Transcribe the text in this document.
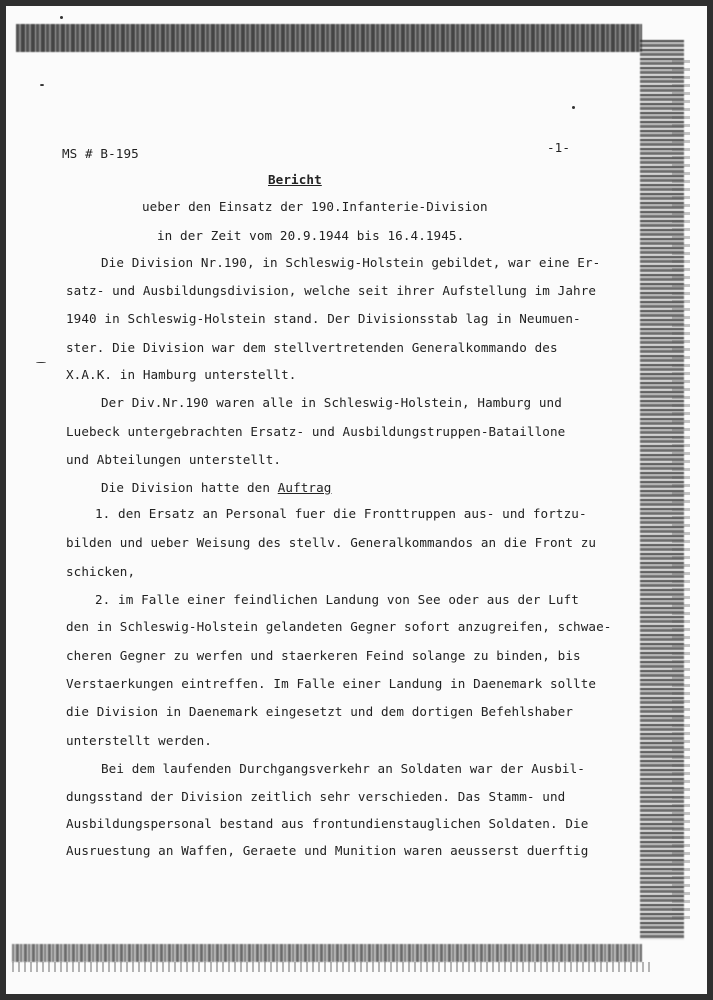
MS # B-195	-1-

Bericht

ueber den Einsatz der 190.Infanterie-Division

in der Zeit vom 20.9.1944 bis 16.4.1945.

Die Division Nr.190, in Schleswig-Holstein gebildet, war eine Er-

satz- und Ausbildungsdivision, welche seit ihrer Aufstellung im Jahre

1940 in Schleswig-Holstein stand. Der Divisionsstab lag in Neumuen-

ster. Die Division war dem stellvertretenden Generalkommando des

X.A.K. in Hamburg unterstellt.

Der Div.Nr.190 waren alle in Schleswig-Holstein, Hamburg und

Luebeck untergebrachten Ersatz- und Ausbildungstruppen-Bataillone

und Abteilungen unterstellt.

Die Division hatte den Auftrag

1. den Ersatz an Personal fuer die Fronttruppen aus- und fortzu-

bilden und ueber Weisung des stellv. Generalkommandos an die Front zu

schicken,

2. im Falle einer feindlichen Landung von See oder aus der Luft

den in Schleswig-Holstein gelandeten Gegner sofort anzugreifen, schwae-

cheren Gegner zu werfen und staerkeren Feind solange zu binden, bis

Verstaerkungen eintreffen. Im Falle einer Landung in Daenemark sollte

die Division in Daenemark eingesetzt und dem dortigen Befehlshaber

unterstellt werden.

Bei dem laufenden Durchgangsverkehr an Soldaten war der Ausbil-

dungsstand der Division zeitlich sehr verschieden. Das Stamm- und

Ausbildungspersonal bestand aus frontundienstauglichen Soldaten. Die

Ausruestung an Waffen, Geraete und Munition waren aeusserst duerftig
